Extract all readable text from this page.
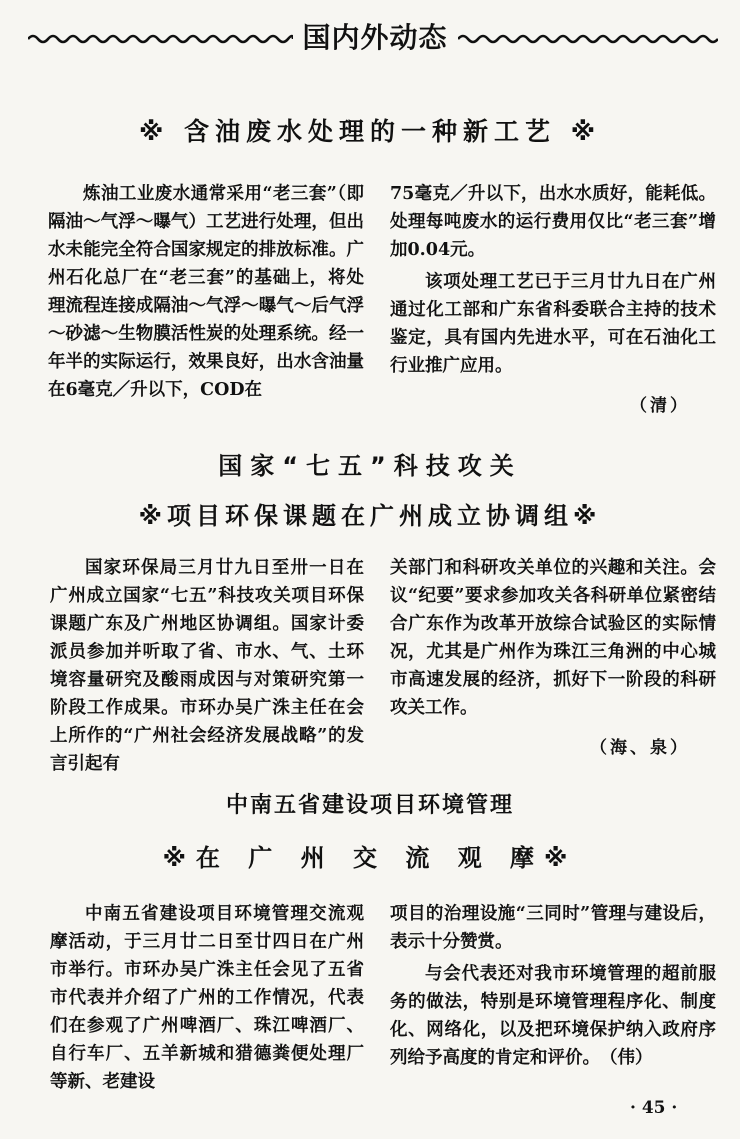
国内外动态
※ 含油废水处理的一种新工艺 ※

炼油工业废水通常采用“老三套”（即隔油～气浮～曝气）工艺进行处理，但出水未能完全符合国家规定的排放标准。广州石化总厂在“老三套”的基础上，将处理流程连接成隔油～气浮～曝气～后气浮～砂滤～生物膜活性炭的处理系统。经一年半的实际运行，效果良好，出水含油量在6毫克／升以下，COD在

75毫克／升以下，出水水质好，能耗低。处理每吨废水的运行费用仅比“老三套”增加0.04元。

该项处理工艺已于三月廿九日在广州通过化工部和广东省科委联合主持的技术鉴定，具有国内先进水平，可在石油化工行业推广应用。

（清）
国家“七五”科技攻关
※项目环保课题在广州成立协调组※

国家环保局三月廿九日至卅一日在广州成立国家“七五”科技攻关项目环保课题广东及广州地区协调组。国家计委派员参加并听取了省、市水、气、土环境容量研究及酸雨成因与对策研究第一阶段工作成果。市环办吴广洙主任在会上所作的“广州社会经济发展战略”的发言引起有

关部门和科研攻关单位的兴趣和关注。会议“纪要”要求参加攻关各科研单位紧密结合广东作为改革开放综合试验区的实际情况，尤其是广州作为珠江三角洲的中心城市高速发展的经济，抓好下一阶段的科研攻关工作。

（海、泉）
中南五省建设项目环境管理
※在 广 州 交 流 观 摩※

中南五省建设项目环境管理交流观摩活动，于三月廿二日至廿四日在广州市举行。市环办吴广洙主任会见了五省市代表并介绍了广州的工作情况，代表们在参观了广州啤酒厂、珠江啤酒厂、自行车厂、五羊新城和猎德粪便处理厂等新、老建设

项目的治理设施“三同时”管理与建设后，表示十分赞赏。

与会代表还对我市环境管理的超前服务的做法，特别是环境管理程序化、制度化、网络化，以及把环境保护纳入政府序列给予高度的肯定和评价。　（伟）

· 45 ·
